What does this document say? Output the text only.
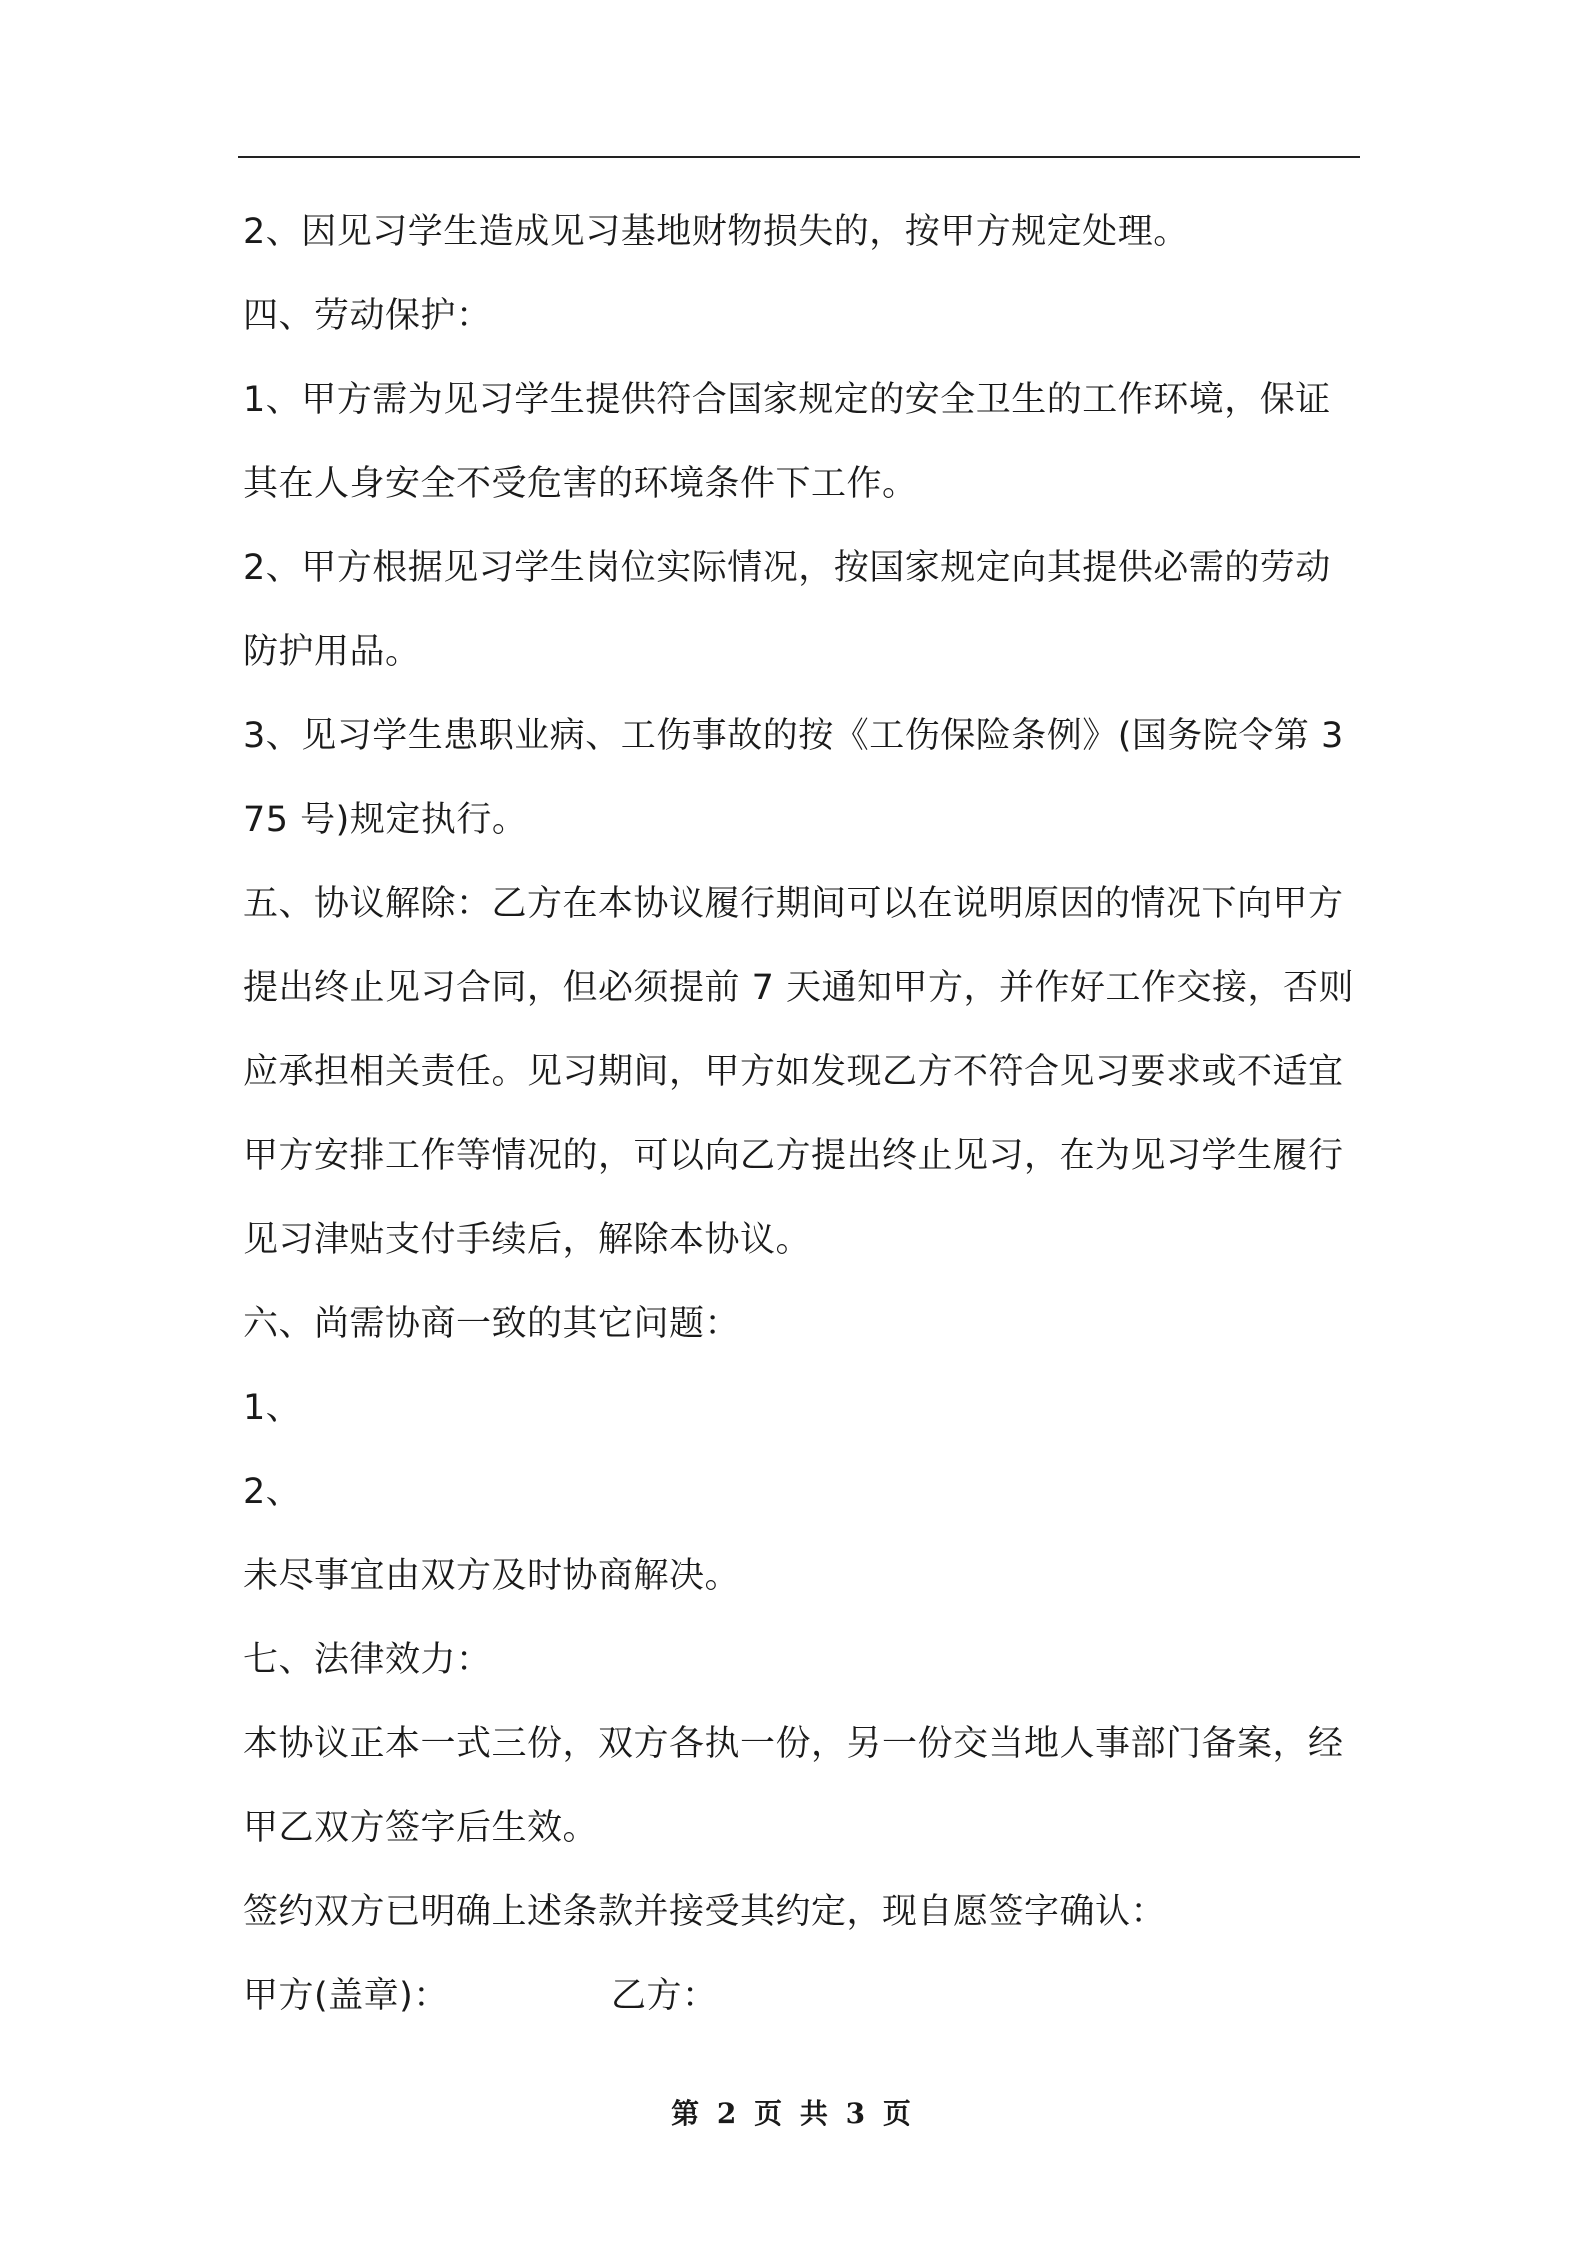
2、因见习学生造成见习基地财物损失的，按甲方规定处理。

四、劳动保护：

1、甲方需为见习学生提供符合国家规定的安全卫生的工作环境，保证其在人身安全不受危害的环境条件下工作。

2、甲方根据见习学生岗位实际情况，按国家规定向其提供必需的劳动防护用品。

3、见习学生患职业病、工伤事故的按《工伤保险条例》(国务院令第 375 号)规定执行。

五、协议解除：乙方在本协议履行期间可以在说明原因的情况下向甲方提出终止见习合同，但必须提前 7 天通知甲方，并作好工作交接，否则应承担相关责任。见习期间，甲方如发现乙方不符合见习要求或不适宜甲方安排工作等情况的，可以向乙方提出终止见习，在为见习学生履行见习津贴支付手续后，解除本协议。

六、尚需协商一致的其它问题：

1、

2、

未尽事宜由双方及时协商解决。

七、法律效力：

本协议正本一式三份，双方各执一份，另一份交当地人事部门备案，经甲乙双方签字后生效。

签约双方已明确上述条款并接受其约定，现自愿签字确认：

甲方(盖章)：	乙方：

第 2 页 共 3 页
